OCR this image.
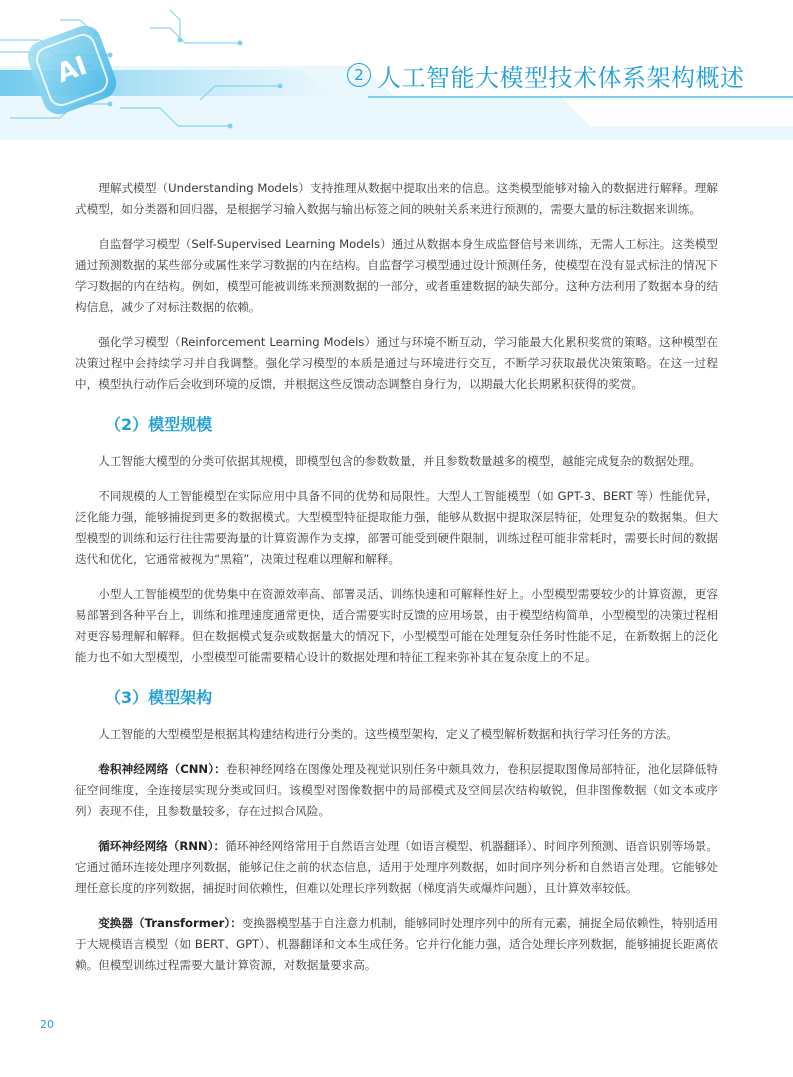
AI	2 人工智能大模型技术体系架构概述

理解式模型（Understanding Models）支持推理从数据中提取出来的信息。这类模型能够对输入的数据进行解释。理解式模型，如分类器和回归器，是根据学习输入数据与输出标签之间的映射关系来进行预测的，需要大量的标注数据来训练。

自监督学习模型（Self-Supervised Learning Models）通过从数据本身生成监督信号来训练，无需人工标注。这类模型通过预测数据的某些部分或属性来学习数据的内在结构。自监督学习模型通过设计预测任务，使模型在没有显式标注的情况下学习数据的内在结构。例如，模型可能被训练来预测数据的一部分，或者重建数据的缺失部分。这种方法利用了数据本身的结构信息，减少了对标注数据的依赖。

强化学习模型（Reinforcement Learning Models）通过与环境不断互动，学习能最大化累积奖赏的策略。这种模型在决策过程中会持续学习并自我调整。强化学习模型的本质是通过与环境进行交互，不断学习获取最优决策策略。在这一过程中，模型执行动作后会收到环境的反馈，并根据这些反馈动态调整自身行为，以期最大化长期累积获得的奖赏。

（2）模型规模

人工智能大模型的分类可依据其规模，即模型包含的参数数量，并且参数数量越多的模型，越能完成复杂的数据处理。

不同规模的人工智能模型在实际应用中具备不同的优势和局限性。大型人工智能模型（如 GPT-3、BERT 等）性能优异，泛化能力强，能够捕捉到更多的数据模式。大型模型特征提取能力强，能够从数据中提取深层特征，处理复杂的数据集。但大型模型的训练和运行往往需要海量的计算资源作为支撑，部署可能受到硬件限制，训练过程可能非常耗时，需要长时间的数据迭代和优化，它通常被视为“黑箱”，决策过程难以理解和解释。

小型人工智能模型的优势集中在资源效率高、部署灵活、训练快速和可解释性好上。小型模型需要较少的计算资源，更容易部署到各种平台上，训练和推理速度通常更快，适合需要实时反馈的应用场景，由于模型结构简单，小型模型的决策过程相对更容易理解和解释。但在数据模式复杂或数据量大的情况下，小型模型可能在处理复杂任务时性能不足，在新数据上的泛化能力也不如大型模型，小型模型可能需要精心设计的数据处理和特征工程来弥补其在复杂度上的不足。

（3）模型架构

人工智能的大型模型是根据其构建结构进行分类的。这些模型架构，定义了模型解析数据和执行学习任务的方法。

卷积神经网络（CNN）：卷积神经网络在图像处理及视觉识别任务中颇具效力，卷积层提取图像局部特征，池化层降低特征空间维度，全连接层实现分类或回归。该模型对图像数据中的局部模式及空间层次结构敏锐，但非图像数据（如文本或序列）表现不佳，且参数量较多，存在过拟合风险。

循环神经网络（RNN）：循环神经网络常用于自然语言处理（如语言模型、机器翻译）、时间序列预测、语音识别等场景。它通过循环连接处理序列数据，能够记住之前的状态信息，适用于处理序列数据，如时间序列分析和自然语言处理。它能够处理任意长度的序列数据，捕捉时间依赖性，但难以处理长序列数据（梯度消失或爆炸问题），且计算效率较低。

变换器（Transformer）：变换器模型基于自注意力机制，能够同时处理序列中的所有元素，捕捉全局依赖性，特别适用于大规模语言模型（如 BERT、GPT）、机器翻译和文本生成任务。它并行化能力强，适合处理长序列数据，能够捕捉长距离依赖。但模型训练过程需要大量计算资源，对数据量要求高。

20
